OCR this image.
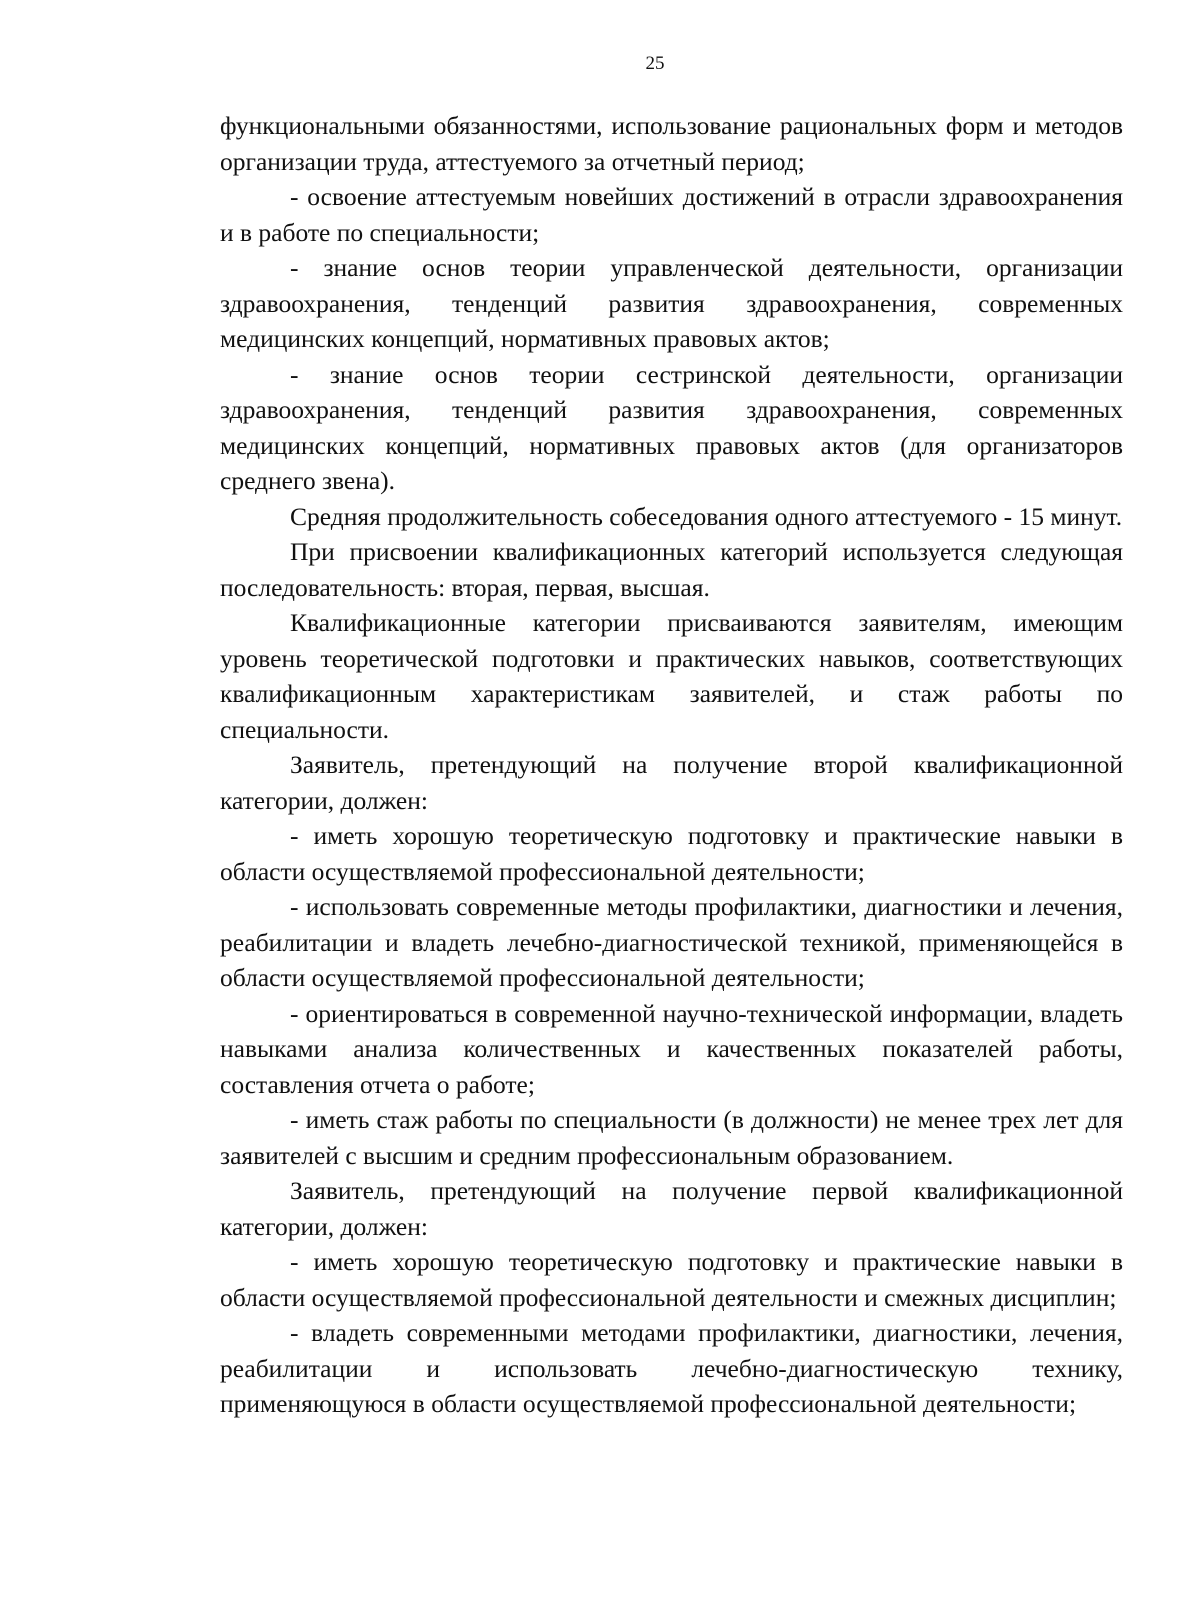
25

функциональными обязанностями, использование рациональных форм и методов организации труда, аттестуемого за отчетный период;

- освоение аттестуемым новейших достижений в отрасли здравоохранения и в работе по специальности;

- знание основ теории управленческой деятельности, организации здравоохранения, тенденций развития здравоохранения, современных медицинских концепций, нормативных правовых актов;

- знание основ теории сестринской деятельности, организации здравоохранения, тенденций развития здравоохранения, современных медицинских концепций, нормативных правовых актов (для организаторов среднего звена).

Средняя продолжительность собеседования одного аттестуемого - 15 минут.

При присвоении квалификационных категорий используется следующая последовательность: вторая, первая, высшая.

Квалификационные категории присваиваются заявителям, имеющим уровень теоретической подготовки и практических навыков, соответствующих квалификационным характеристикам заявителей, и стаж работы по специальности.

Заявитель, претендующий на получение второй квалификационной категории, должен:

- иметь хорошую теоретическую подготовку и практические навыки в области осуществляемой профессиональной деятельности;

- использовать современные методы профилактики, диагностики и лечения, реабилитации и владеть лечебно-диагностической техникой, применяющейся в области осуществляемой профессиональной деятельности;

- ориентироваться в современной научно-технической информации, владеть навыками анализа количественных и качественных показателей работы, составления отчета о работе;

- иметь стаж работы по специальности (в должности) не менее трех лет для заявителей с высшим и средним профессиональным образованием.

Заявитель, претендующий на получение первой квалификационной категории, должен:

- иметь хорошую теоретическую подготовку и практические навыки в области осуществляемой профессиональной деятельности и смежных дисциплин;

- владеть современными методами профилактики, диагностики, лечения, реабилитации и использовать лечебно-диагностическую технику, применяющуюся в области осуществляемой профессиональной деятельности;
